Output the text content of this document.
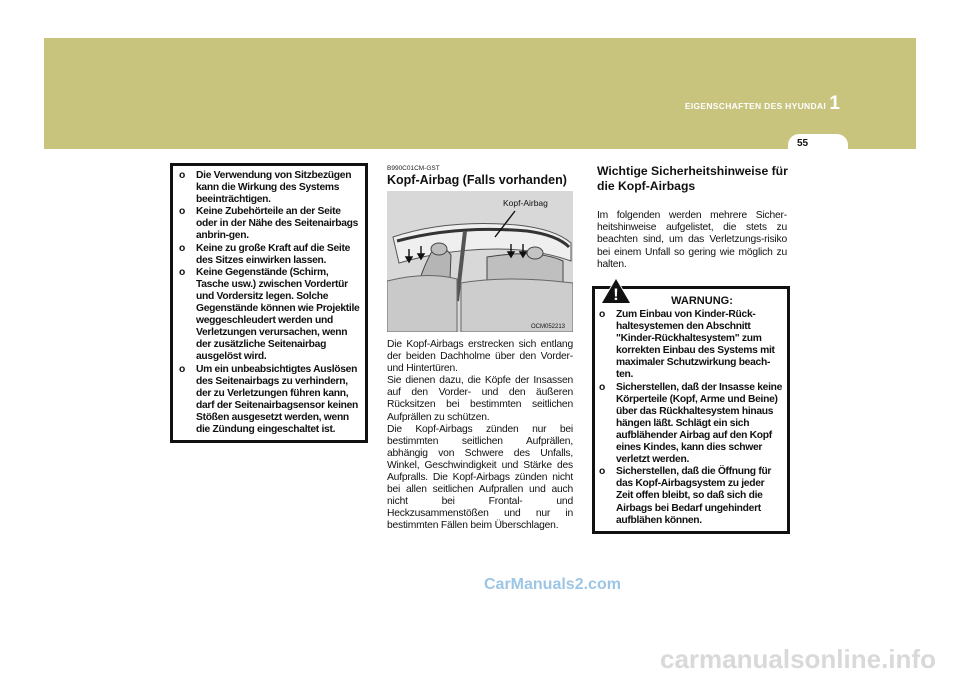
EIGENSCHAFTEN DES HYUNDAI 1
55
o Die Verwendung von Sitzbezügen kann die Wirkung des Systems beeinträchtigen.
o Keine Zubehörteile an der Seite oder in der Nähe des Seitenairbags anbrin-gen.
o Keine zu große Kraft auf die Seite des Sitzes einwirken lassen.
o Keine Gegenstände (Schirm, Tasche usw.) zwischen Vordertür und Vordersitz legen. Solche Gegenstände können wie Projektile weggeschleudert werden und Verletzungen verursachen, wenn der zusätzliche Seitenairbag ausgelöst wird.
o Um ein unbeabsichtigtes Auslösen des Seitenairbags zu verhindern, der zu Verletzungen führen kann, darf der Seitenairbagsensor keinen Stößen ausgesetzt werden, wenn die Zündung eingeschaltet ist.
B990C01CM-GST
Kopf-Airbag (Falls vorhanden)
Kopf-Airbag
OCM052213

Die Kopf-Airbags erstrecken sich entlang der beiden Dachholme über den Vorder- und Hintertüren.

Sie dienen dazu, die Köpfe der Insassen auf den Vorder- und den äußeren Rücksitzen bei bestimmten seitlichen Aufprällen zu schützen.

Die Kopf-Airbags zünden nur bei bestimmten seitlichen Aufprällen, abhängig von Schwere des Unfalls, Winkel, Geschwindigkeit und Stärke des Aufpralls. Die Kopf-Airbags zünden nicht bei allen seitlichen Aufprallen und auch nicht bei Frontal- und Heckzusammenstößen und nur in bestimmten Fällen beim Überschlagen.

Wichtige Sicherheitshinweise für die Kopf-Airbags
Im folgenden werden mehrere Sicher-heitshinweise aufgelistet, die stets zu beachten sind, um das Verletzungs-risiko bei einem Unfall so gering wie möglich zu halten.
WARNUNG:
o Zum Einbau von Kinder-Rück-haltesystemen den Abschnitt "Kinder-Rückhaltesystem" zum korrekten Einbau des Systems mit maximaler Schutzwirkung beach-ten.
o Sicherstellen, daß der Insasse keine Körperteile (Kopf, Arme und Beine) über das Rückhaltesystem hinaus hängen läßt. Schlägt ein sich aufblähender Airbag auf den Kopf eines Kindes, kann dies schwer verletzt werden.
o Sicherstellen, daß die Öffnung für das Kopf-Airbagsystem zu jeder Zeit offen bleibt, so daß sich die Airbags bei Bedarf ungehindert aufblähen können.
!
CarManuals2.com
carmanualsonline.info
